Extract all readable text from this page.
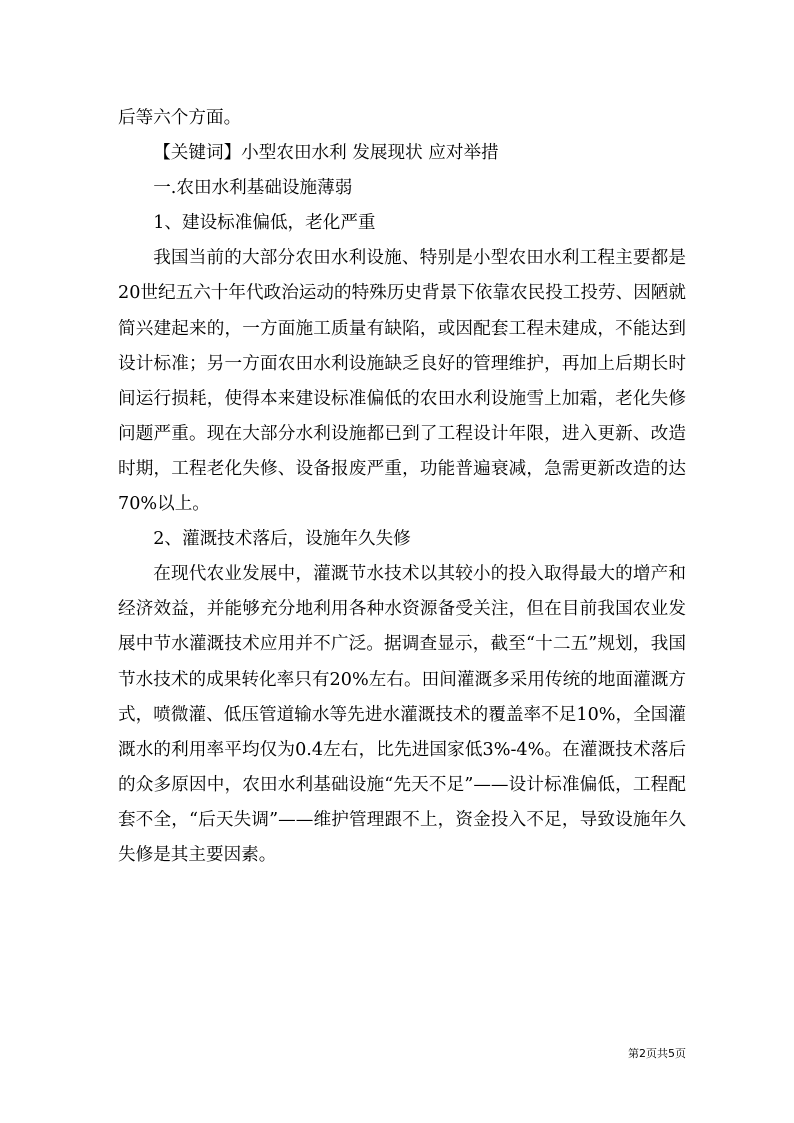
后等六个方面。

【关键词】小型农田水利 发展现状 应对举措

一.农田水利基础设施薄弱

1、建设标准偏低，老化严重

我国当前的大部分农田水利设施、特别是小型农田水利工程主要都是20世纪五六十年代政治运动的特殊历史背景下依靠农民投工投劳、因陋就简兴建起来的，一方面施工质量有缺陷，或因配套工程未建成，不能达到设计标准；另一方面农田水利设施缺乏良好的管理维护，再加上后期长时间运行损耗，使得本来建设标准偏低的农田水利设施雪上加霜，老化失修问题严重。现在大部分水利设施都已到了工程设计年限，进入更新、改造时期，工程老化失修、设备报废严重，功能普遍衰减，急需更新改造的达70%以上。

2、灌溉技术落后，设施年久失修

在现代农业发展中，灌溉节水技术以其较小的投入取得最大的增产和经济效益，并能够充分地利用各种水资源备受关注，但在目前我国农业发展中节水灌溉技术应用并不广泛。据调查显示，截至“十二五”规划，我国节水技术的成果转化率只有20%左右。田间灌溉多采用传统的地面灌溉方式，喷微灌、低压管道输水等先进水灌溉技术的覆盖率不足10%，全国灌溉水的利用率平均仅为0.4左右，比先进国家低3%-4%。在灌溉技术落后的众多原因中，农田水利基础设施“先天不足”——设计标准偏低，工程配套不全，“后天失调”——维护管理跟不上，资金投入不足，导致设施年久失修是其主要因素。

第2页共5页
